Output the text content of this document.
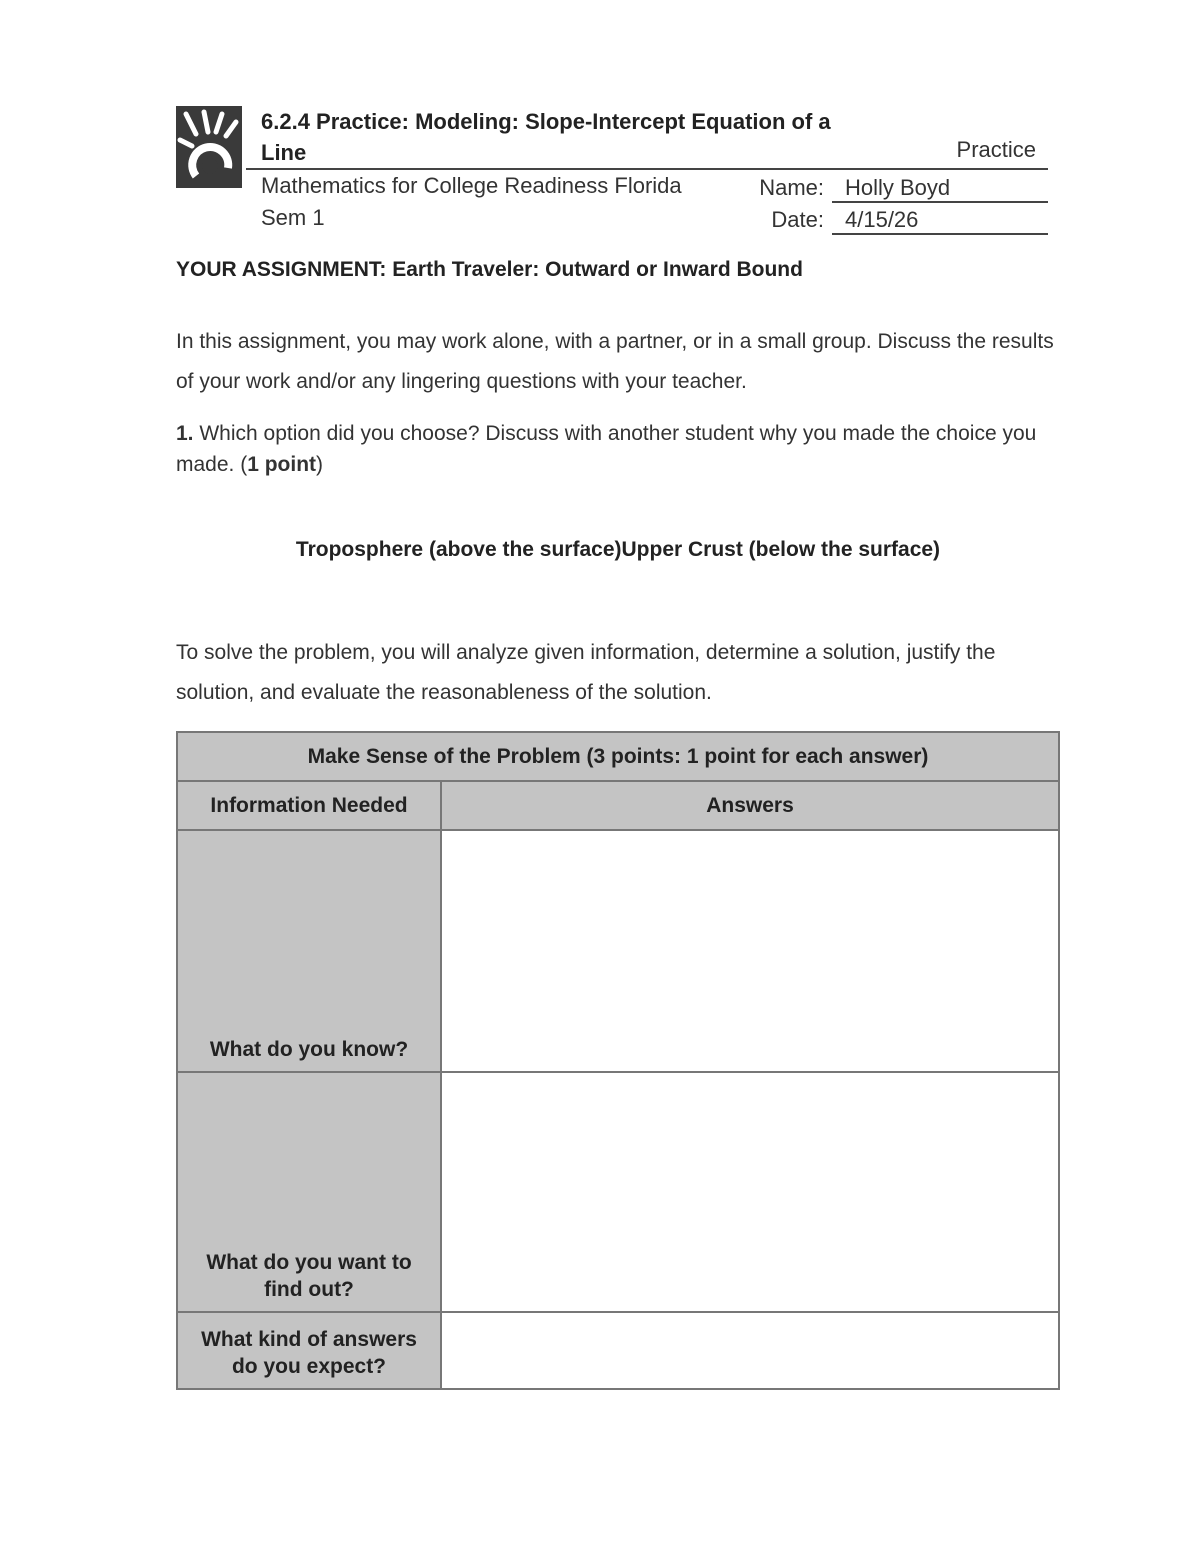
6.2.4 Practice: Modeling: Slope-Intercept Equation of a Line	Practice
Mathematics for College Readiness Florida
Sem 1
Name: Holly Boyd
Date: 4/15/26
YOUR ASSIGNMENT: Earth Traveler: Outward or Inward Bound
In this assignment, you may work alone, with a partner, or in a small group. Discuss the results of your work and/or any lingering questions with your teacher.
1. Which option did you choose? Discuss with another student why you made the choice you made. (1 point)
Troposphere (above the surface)Upper Crust (below the surface)
To solve the problem, you will analyze given information, determine a solution, justify the solution, and evaluate the reasonableness of the solution.
Make Sense of the Problem (3 points: 1 point for each answer)	
Information Needed	Answers

What do you know?	

What do you want to find out?	

What kind of answers do you expect?	
